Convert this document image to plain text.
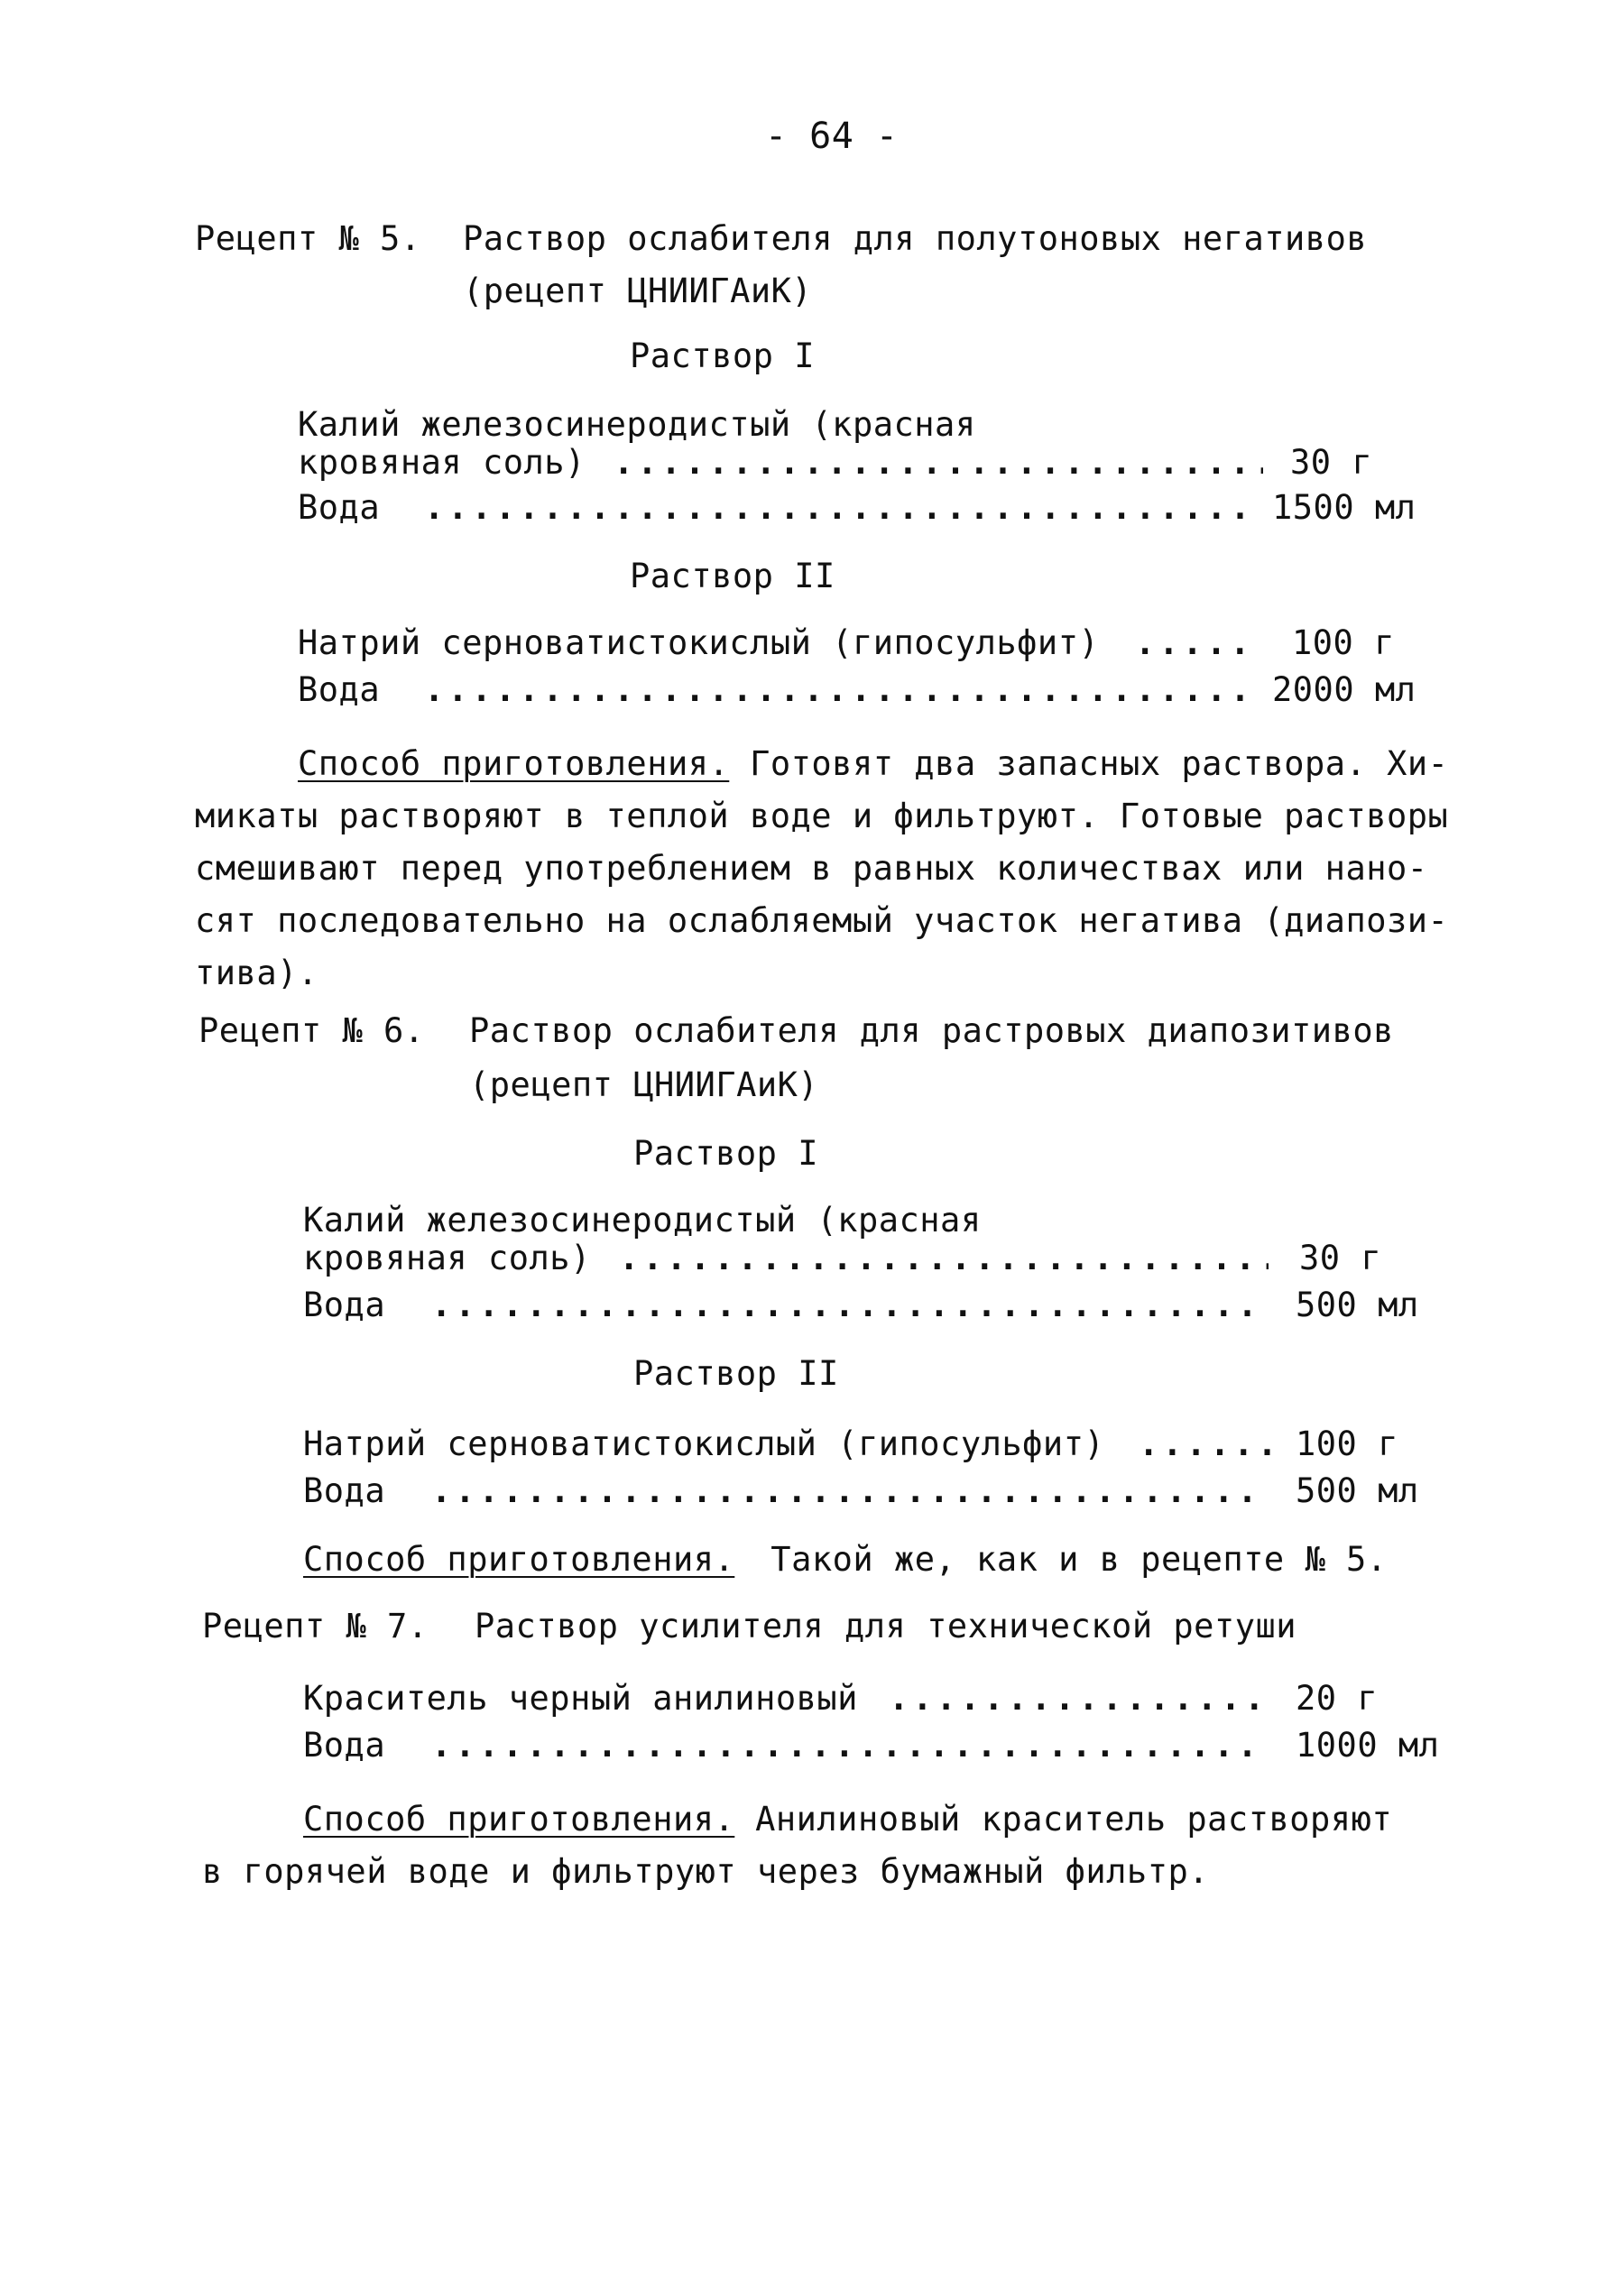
- 64 -
Рецепт № 5. Раствор ослабителя для полутоновых негативов
(рецепт ЦНИИГАиК)
Раствор I
Калий железосинеродистый (красная
кровяная соль) .....	30 г
Вода .....	1500 мл
Раствор II
Натрий серноватистокислый (гипосульфит) .....	100 г
Вода .....	2000 мл
Способ приготовления. Готовят два запасных раствора. Хи-
микаты растворяют в теплой воде и фильтруют. Готовые растворы
смешивают перед употреблением в равных количествах или нано-
сят последовательно на ослабляемый участок негатива (диапози-
тива).
Рецепт № 6. Раствор ослабителя для растровых диапозитивов
(рецепт ЦНИИГАиК)
Раствор I
Калий железосинеродистый (красная
кровяная соль) .....	30 г
Вода .....	500 мл
Раствор II
Натрий серноватистокислый (гипосульфит) .....	100 г
Вода .....	500 мл
Способ приготовления. Такой же, как и в рецепте № 5.
Рецепт № 7. Раствор усилителя для технической ретуши
Краситель черный анилиновый .....	20 г
Вода .....	1000 мл
Способ приготовления. Анилиновый краситель растворяют
в горячей воде и фильтруют через бумажный фильтр.
